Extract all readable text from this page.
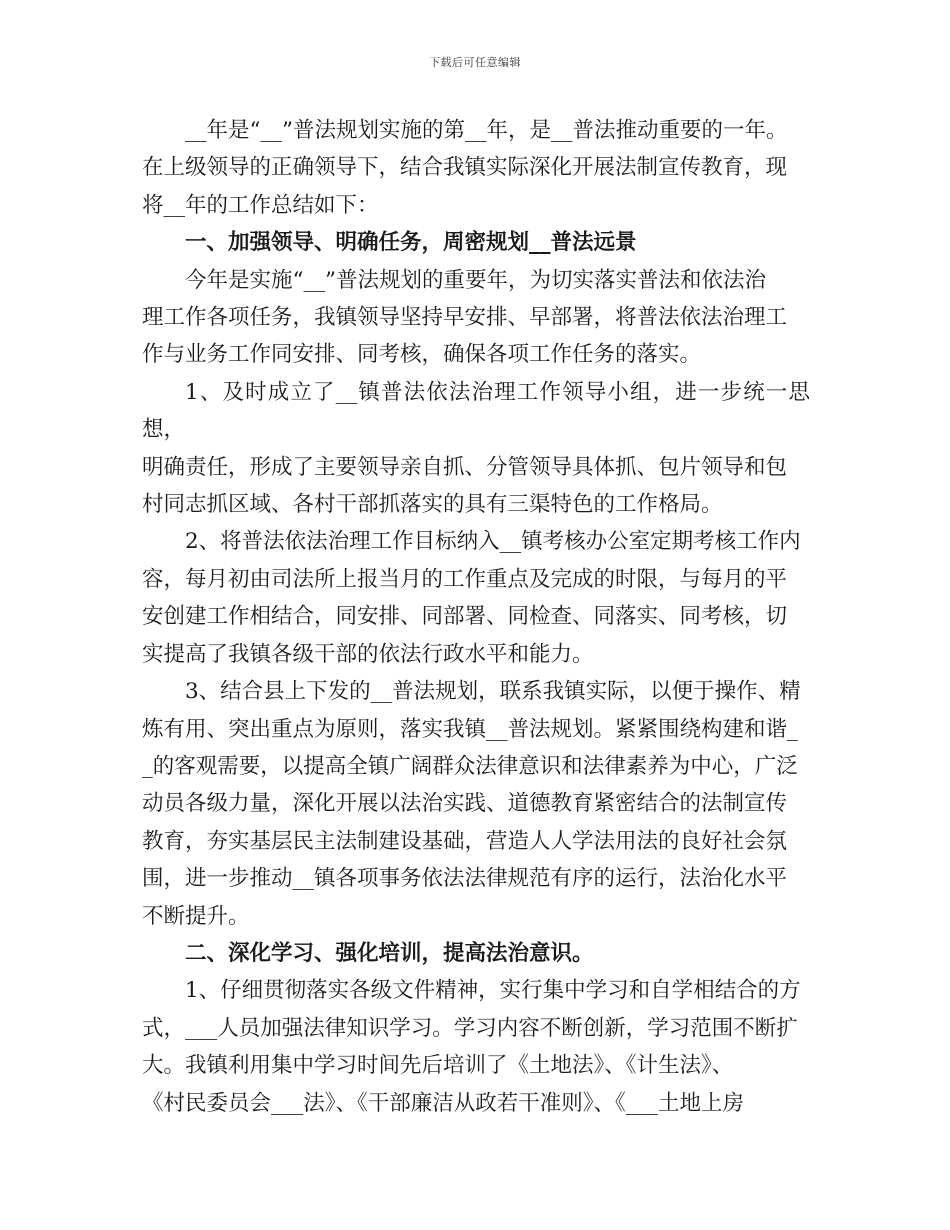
下载后可任意编辑

__年是“__”普法规划实施的第__年，是__普法推动重要的一年。
在上级领导的正确领导下，结合我镇实际深化开展法制宣传教育，现
将__年的工作总结如下：

一、加强领导、明确任务，周密规划__普法远景

今年是实施“__”普法规划的重要年，为切实落实普法和依法治
理工作各项任务，我镇领导坚持早安排、早部署，将普法依法治理工
作与业务工作同安排、同考核，确保各项工作任务的落实。

1、及时成立了__镇普法依法治理工作领导小组，进一步统一思想，
明确责任，形成了主要领导亲自抓、分管领导具体抓、包片领导和包
村同志抓区域、各村干部抓落实的具有三渠特色的工作格局。

2、将普法依法治理工作目标纳入__镇考核办公室定期考核工作内
容，每月初由司法所上报当月的工作重点及完成的时限，与每月的平
安创建工作相结合，同安排、同部署、同检查、同落实、同考核，切
实提高了我镇各级干部的依法行政水平和能力。

3、结合县上下发的__普法规划，联系我镇实际，以便于操作、精
炼有用、突出重点为原则，落实我镇__普法规划。紧紧围绕构建和谐_
_的客观需要，以提高全镇广阔群众法律意识和法律素养为中心，广泛
动员各级力量，深化开展以法治实践、道德教育紧密结合的法制宣传
教育，夯实基层民主法制建设基础，营造人人学法用法的良好社会氛
围，进一步推动__镇各项事务依法法律规范有序的运行，法治化水平
不断提升。

二、深化学习、强化培训，提高法治意识。

1、仔细贯彻落实各级文件精神，实行集中学习和自学相结合的方
式，___人员加强法律知识学习。学习内容不断创新，学习范围不断扩
大。我镇利用集中学习时间先后培训了《土地法》、《计生法》、
《村民委员会___法》、《干部廉洁从政若干准则》、《___土地上房
